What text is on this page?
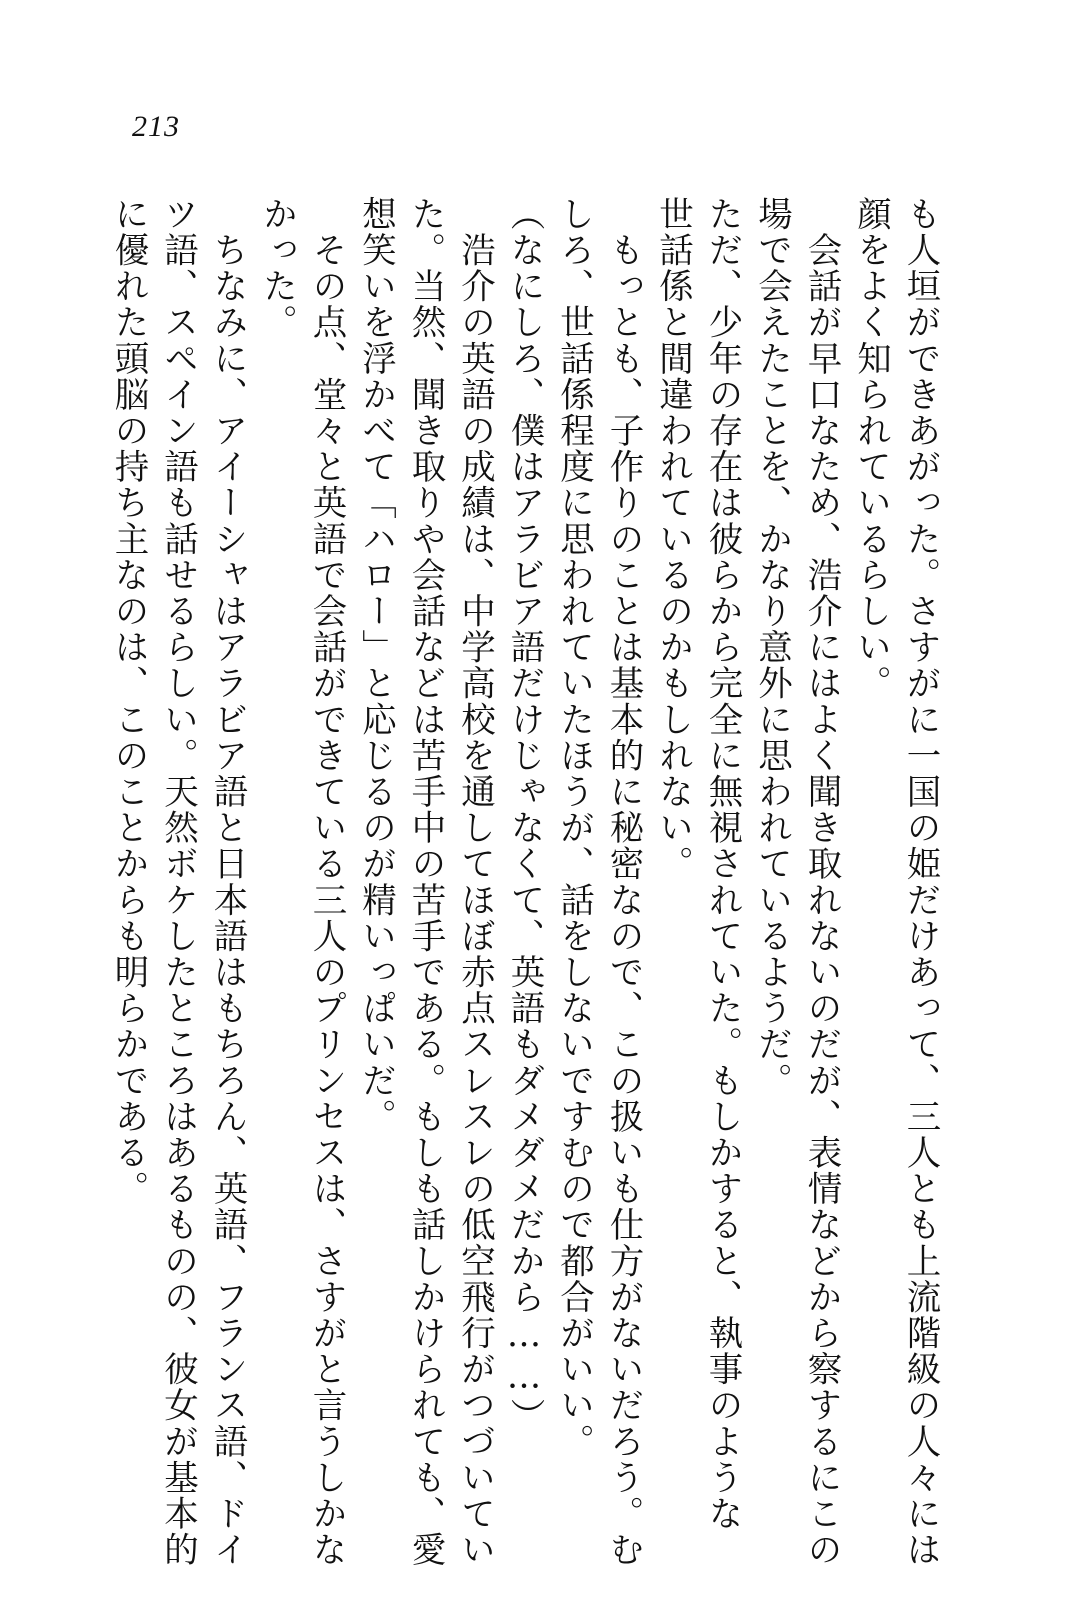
213
も人垣ができあがった。さすがに一国の姫だけあって、三人とも上流階級の人々には
顔をよく知られているらしい。
　会話が早口なため、浩介にはよく聞き取れないのだが、表情などから察するにこの
場で会えたことを、かなり意外に思われているようだ。
ただ、少年の存在は彼らから完全に無視されていた。もしかすると、執事のような
世話係と間違われているのかもしれない。
　もっとも、子作りのことは基本的に秘密なので、この扱いも仕方がないだろう。む
しろ、世話係程度に思われていたほうが、話をしないですむので都合がいい。
（なにしろ、僕はアラビア語だけじゃなくて、英語もダメダメだから……）
　浩介の英語の成績は、中学高校を通してほぼ赤点スレスレの低空飛行がつづいてい
た。当然、聞き取りや会話などは苦手中の苦手である。もしも話しかけられても、愛
想笑いを浮かべて「ハロー」と応じるのが精いっぱいだ。
　その点、堂々と英語で会話ができている三人のプリンセスは、さすがと言うしかな
かった。
　ちなみに、アイーシャはアラビア語と日本語はもちろん、英語、フランス語、ドイ
ツ語、スペイン語も話せるらしい。天然ボケしたところはあるものの、彼女が基本的
に優れた頭脳の持ち主なのは、このことからも明らかである。
